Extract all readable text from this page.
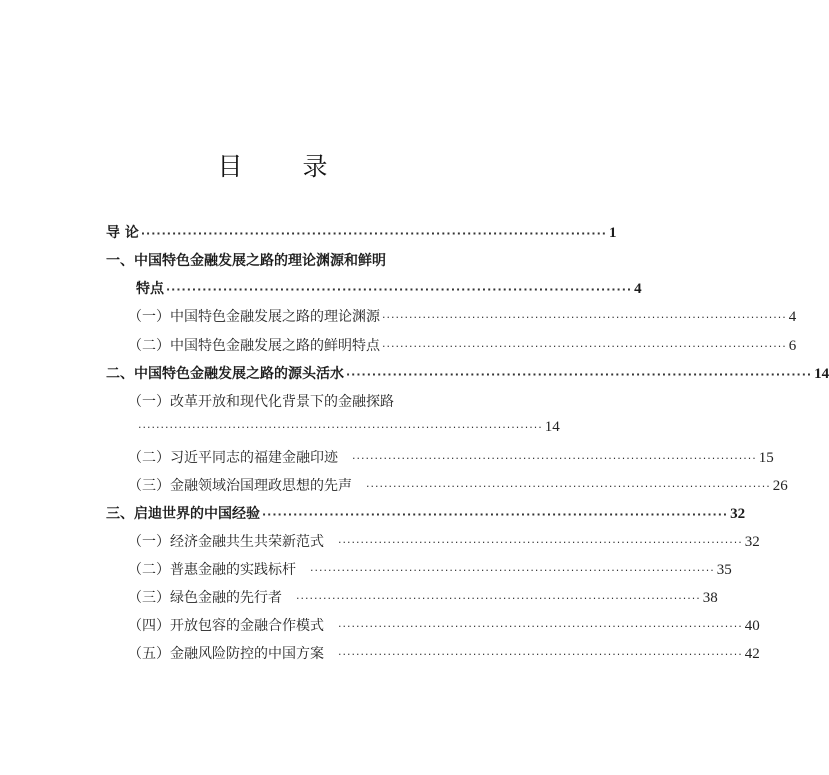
目 录
导 论 ·························································································· 1
一、中国特色金融发展之路的理论渊源和鲜明
特点 ·························································································· 4
（一）中国特色金融发展之路的理论渊源 ·························································································· 4
（二）中国特色金融发展之路的鲜明特点 ·························································································· 6
二、中国特色金融发展之路的源头活水 ·························································································· 14
（一）改革开放和现代化背景下的金融探路
·························································································· 14
（二）习近平同志的福建金融印迹	·························································································· 15
（三）金融领域治国理政思想的先声	·························································································· 26
三、启迪世界的中国经验 ·························································································· 32
（一）经济金融共生共荣新范式	·························································································· 32
（二）普惠金融的实践标杆	·························································································· 35
（三）绿色金融的先行者	·························································································· 38
（四）开放包容的金融合作模式	·························································································· 40
（五）金融风险防控的中国方案	·························································································· 42
